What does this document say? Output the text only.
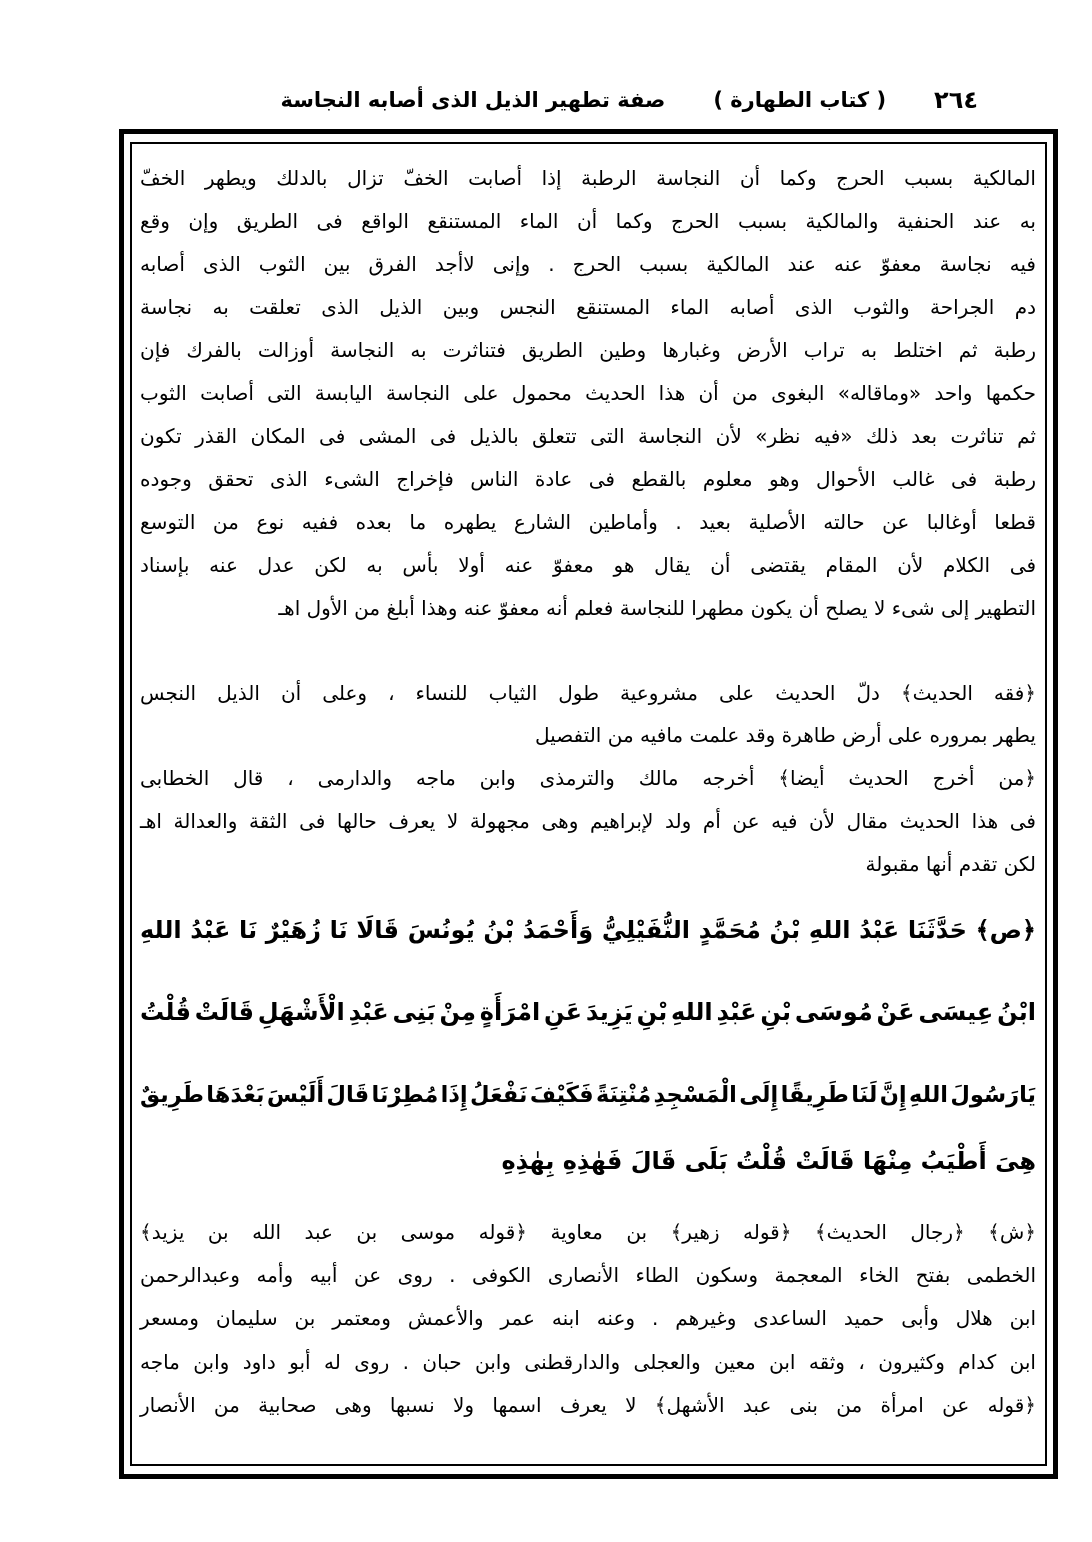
٢٦٤
( كتاب الطهارة )
صفة تطهير الذيل الذى أصابه النجاسة
المالكية بسبب الحرج وكما أن النجاسة الرطبة إذا أصابت الخفّ تزال بالدلك ويطهر الخفّ
به عند الحنفية والمالكية بسبب الحرج وكما أن الماء المستنقع الواقع فى الطريق وإن وقع
فيه نجاسة معفوّ عنه عند المالكية بسبب الحرج . وإنى لاأجد الفرق بين الثوب الذى أصابه
دم الجراحة والثوب الذى أصابه الماء المستنقع النجس وبين الذيل الذى تعلقت به نجاسة
رطبة ثم اختلط به تراب الأرض وغبارها وطين الطريق فتناثرت به النجاسة أوزالت بالفرك فإن
حكمها واحد «وماقاله» البغوى من أن هذا الحديث محمول على النجاسة اليابسة التى أصابت الثوب
ثم تناثرت بعد ذلك «فيه نظر» لأن النجاسة التى تتعلق بالذيل فى المشى فى المكان القذر تكون
رطبة فى غالب الأحوال وهو معلوم بالقطع فى عادة الناس فإخراج الشىء الذى تحقق وجوده
قطعا أوغالبا عن حالته الأصلية بعيد . وأماطين الشارع يطهره ما بعده ففيه نوع من التوسع
فى الكلام لأن المقام يقتضى أن يقال هو معفوّ عنه أولا بأس به لكن عدل عنه بإسناد
التطهير إلى شىء لا يصلح أن يكون مطهرا للنجاسة فعلم أنه معفوّ عنه وهذا أبلغ من الأول اهـ
﴿فقه الحديث﴾ دلّ الحديث على مشروعية طول الثياب للنساء ، وعلى أن الذيل النجس
يطهر بمروره على أرض طاهرة وقد علمت مافيه من التفصيل
﴿من أخرج الحديث أيضا﴾ أخرجه مالك والترمذى وابن ماجه والدارمى ، قال الخطابى
فى هذا الحديث مقال لأن فيه عن أم ولد لإبراهيم وهى مجهولة لا يعرف حالها فى الثقة والعدالة اهـ
لكن تقدم أنها مقبولة
﴿ص﴾ حَدَّثَنَا عَبْدُ اللهِ بْنُ مُحَمَّدٍ النُّفَيْلِيُّ وَأَحْمَدُ بْنُ يُونُسَ قَالَا نَا زُهَيْرٌ نَا عَبْدُ اللهِ
ابْنُ عِيسَى عَنْ مُوسَى بْنِ عَبْدِ اللهِ بْنِ يَزِيدَ عَنِ امْرَأَةٍ مِنْ بَنِى عَبْدِ الْأَشْهَلِ قَالَتْ قُلْتُ
يَارَسُولَ اللهِ إِنَّ لَنَا طَرِيقًا إِلَى الْمَسْجِدِ مُنْتِنَةً فَكَيْفَ نَفْعَلُ إِذَا مُطِرْنَا قَالَ أَلَيْسَ بَعْدَهَا طَرِيقٌ
هِىَ أَطْيَبُ مِنْهَا قَالَتْ قُلْتُ بَلَى قَالَ فَهٰذِهِ بِهٰذِهِ
﴿ش﴾ ﴿رجال الحديث﴾ ﴿قوله زهير﴾ بن معاوية ﴿قوله موسى بن عبد الله بن يزيد﴾
الخطمى بفتح الخاء المعجمة وسكون الطاء الأنصارى الكوفى . روى عن أبيه وأمه وعبدالرحمن
ابن هلال وأبى حميد الساعدى وغيرهم . وعنه ابنه عمر والأعمش ومعتمر بن سليمان ومسعر
ابن كدام وكثيرون ، وثقه ابن معين والعجلى والدارقطنى وابن حبان . روى له أبو داود وابن ماجه
﴿قوله عن امرأة من بنى عبد الأشهل﴾ لا يعرف اسمها ولا نسبها وهى صحابية من الأنصار
